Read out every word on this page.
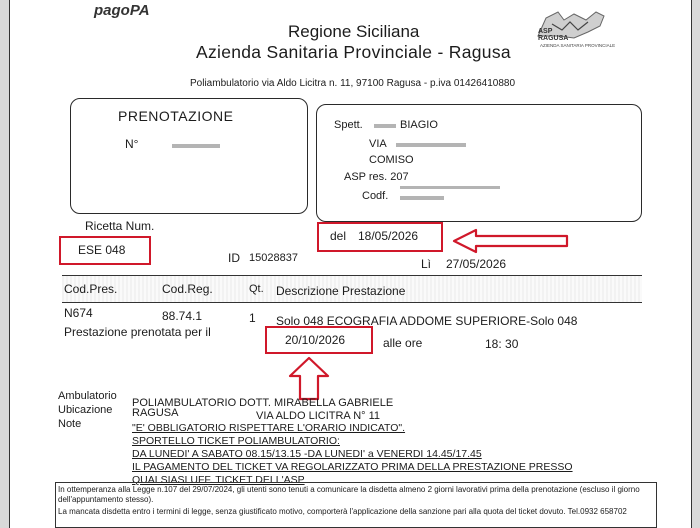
pagoPA
Regione Siciliana
Azienda Sanitaria Provinciale - Ragusa
Poliambulatorio via Aldo Licitra n. 11, 97100 Ragusa - p.iva 01426410880
ASP RAGUSA
AZIENDA SANITARIA PROVINCIALE
PRENOTAZIONE
N°
Spett.	BIAGIO
VIA
COMISO
ASP res. 207
Codf.
Ricetta Num.
ESE 048
del 18/05/2026
ID 15028837	Lì 27/05/2026
Cod.Pres.	Cod.Reg.	Qt. Descrizione Prestazione
N674	88.74.1	1 Solo 048 ECOGRAFIA ADDOME SUPERIORE-Solo 048
Prestazione prenotata per il
20/10/2026	alle ore	18: 30
Ambulatorio
POLIAMBULATORIO DOTT. MIRABELLA GABRIELE
Ubicazione RAGUSA	VIA ALDO LICITRA N° 11
Note	"E' OBBLIGATORIO RISPETTARE L'ORARIO INDICATO".
SPORTELLO TICKET POLIAMBULATORIO:
DA LUNEDI' A SABATO 08.15/13.15 -DA LUNEDI' a VENERDI 14.45/17.45
IL PAGAMENTO DEL TICKET VA REGOLARIZZATO PRIMA DELLA PRESTAZIONE PRESSO
QUALSIASI UFF. TICKET DELL'ASP
In ottemperanza alla Legge n.107 del 29/07/2024, gli utenti sono tenuti a comunicare la disdetta almeno 2 giorni lavorativi prima della prenotazione (escluso il giorno
dell'appuntamento stesso).
La mancata disdetta entro i termini di legge, senza giustificato motivo, comporterà l'applicazione della sanzione pari alla quota del ticket dovuto. Tel.0932 658702
